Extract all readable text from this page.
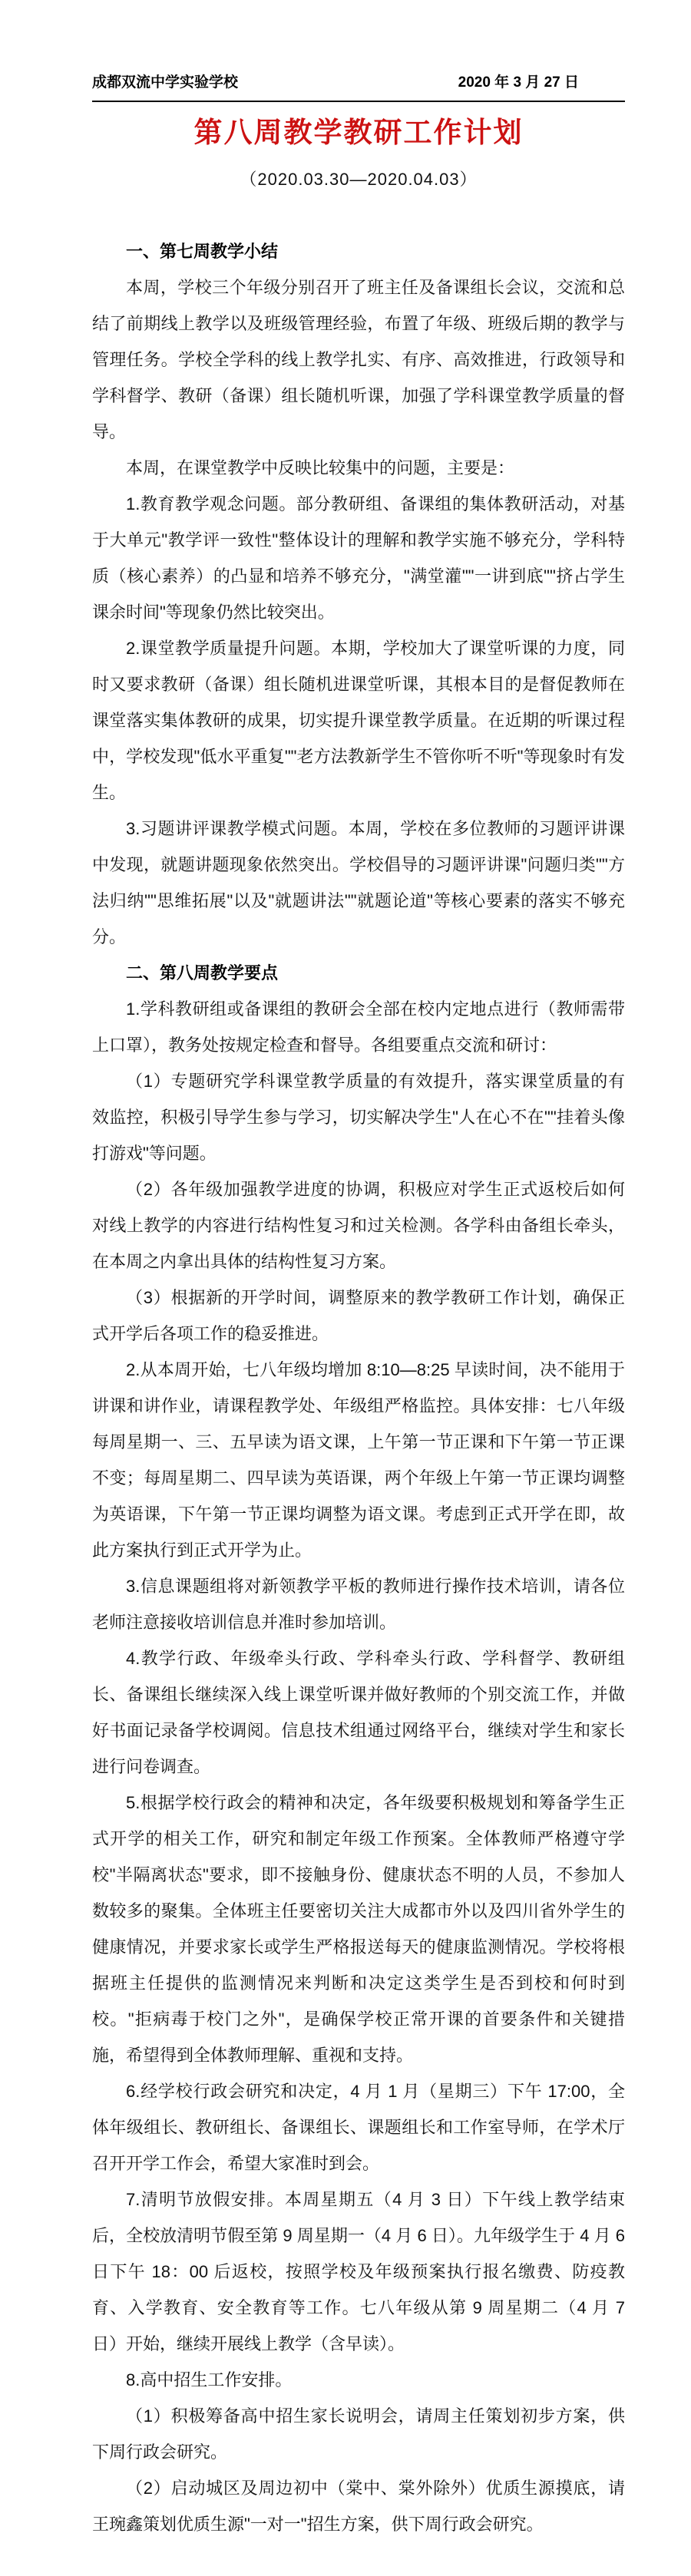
成都双流中学实验学校	2020 年 3 月 27 日
第八周教学教研工作计划
（2020.03.30—2020.04.03）

一、第七周教学小结

本周，学校三个年级分别召开了班主任及备课组长会议，交流和总结了前期线上教学以及班级管理经验，布置了年级、班级后期的教学与管理任务。学校全学科的线上教学扎实、有序、高效推进，行政领导和学科督学、教研（备课）组长随机听课，加强了学科课堂教学质量的督导。

本周，在课堂教学中反映比较集中的问题，主要是：

1.教育教学观念问题。部分教研组、备课组的集体教研活动，对基于大单元"教学评一致性"整体设计的理解和教学实施不够充分，学科特质（核心素养）的凸显和培养不够充分，"满堂灌""一讲到底""挤占学生课余时间"等现象仍然比较突出。

2.课堂教学质量提升问题。本期，学校加大了课堂听课的力度，同时又要求教研（备课）组长随机进课堂听课，其根本目的是督促教师在课堂落实集体教研的成果，切实提升课堂教学质量。在近期的听课过程中，学校发现"低水平重复""老方法教新学生不管你听不听"等现象时有发生。

3.习题讲评课教学模式问题。本周，学校在多位教师的习题评讲课中发现，就题讲题现象依然突出。学校倡导的习题评讲课"问题归类""方法归纳""思维拓展"以及"就题讲法""就题论道"等核心要素的落实不够充分。

二、第八周教学要点

1.学科教研组或备课组的教研会全部在校内定地点进行（教师需带上口罩），教务处按规定检查和督导。各组要重点交流和研讨：

（1）专题研究学科课堂教学质量的有效提升，落实课堂质量的有效监控，积极引导学生参与学习，切实解决学生"人在心不在""挂着头像打游戏"等问题。

（2）各年级加强教学进度的协调，积极应对学生正式返校后如何对线上教学的内容进行结构性复习和过关检测。各学科由备组长牵头，在本周之内拿出具体的结构性复习方案。

（3）根据新的开学时间，调整原来的教学教研工作计划，确保正式开学后各项工作的稳妥推进。

2.从本周开始，七八年级均增加 8:10—8:25 早读时间，决不能用于讲课和讲作业，请课程教学处、年级组严格监控。具体安排：七八年级每周星期一、三、五早读为语文课，上午第一节正课和下午第一节正课不变；每周星期二、四早读为英语课，两个年级上午第一节正课均调整为英语课，下午第一节正课均调整为语文课。考虑到正式开学在即，故此方案执行到正式开学为止。

3.信息课题组将对新领教学平板的教师进行操作技术培训，请各位老师注意接收培训信息并准时参加培训。

4.教学行政、年级牵头行政、学科牵头行政、学科督学、教研组长、备课组长继续深入线上课堂听课并做好教师的个别交流工作，并做好书面记录备学校调阅。信息技术组通过网络平台，继续对学生和家长进行问卷调查。

5.根据学校行政会的精神和决定，各年级要积极规划和筹备学生正式开学的相关工作，研究和制定年级工作预案。全体教师严格遵守学校"半隔离状态"要求，即不接触身份、健康状态不明的人员，不参加人数较多的聚集。全体班主任要密切关注大成都市外以及四川省外学生的健康情况，并要求家长或学生严格报送每天的健康监测情况。学校将根据班主任提供的监测情况来判断和决定这类学生是否到校和何时到校。"拒病毒于校门之外"，是确保学校正常开课的首要条件和关键措施，希望得到全体教师理解、重视和支持。

6.经学校行政会研究和决定，4 月 1 月（星期三）下午 17:00，全体年级组长、教研组长、备课组长、课题组长和工作室导师，在学术厅召开开学工作会，希望大家准时到会。

7.清明节放假安排。本周星期五（4 月 3 日）下午线上教学结束后，全校放清明节假至第 9 周星期一（4 月 6 日）。九年级学生于 4 月 6 日下午 18：00 后返校，按照学校及年级预案执行报名缴费、防疫教育、入学教育、安全教育等工作。七八年级从第 9 周星期二（4 月 7 日）开始，继续开展线上教学（含早读）。

8.高中招生工作安排。

（1）积极筹备高中招生家长说明会，请周主任策划初步方案，供下周行政会研究。

（2）启动城区及周边初中（棠中、棠外除外）优质生源摸底，请王琬鑫策划优质生源"一对一"招生方案，供下周行政会研究。
